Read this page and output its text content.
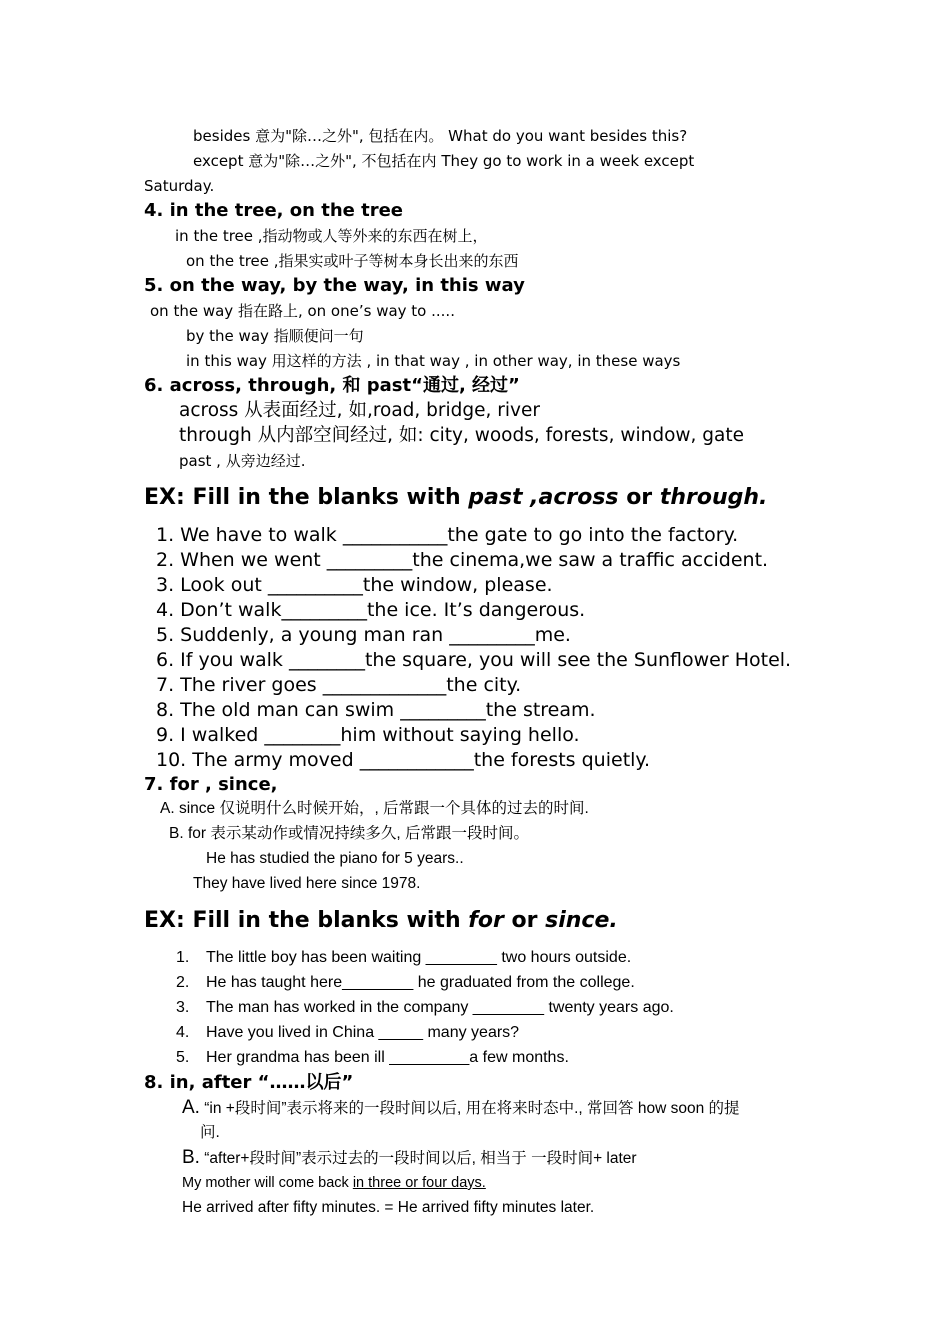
besides 意为"除…之外", 包括在内。 What do you want besides this?
except 意为"除…之外", 不包括在内 They go to work in a week except
Saturday.
4. in the tree, on the tree
in the tree ,指动物或人等外来的东西在树上，
on the tree ,指果实或叶子等树本身长出来的东西
5. on the way, by the way, in this way
on the way 指在路上, on one’s way to .....
by the way 指顺便问一句
in this way 用这样的方法 , in that way , in other way, in these ways
6. across, through, 和 past“通过, 经过”
across 从表面经过, 如,road, bridge, river
through 从内部空间经过, 如: city, woods, forests, window, gate
past , 从旁边经过.
EX: Fill in the blanks with past ,across or through.
1. We have to walk ___________the gate to go into the factory.
2. When we went _________the cinema,we saw a traffic accident.
3. Look out __________the window, please.
4. Don’t walk_________the ice. It’s dangerous.
5. Suddenly, a young man ran _________me.
6. If you walk ________the square, you will see the Sunflower Hotel.
7. The river goes _____________the city.
8. The old man can swim _________the stream.
9. I walked ________him without saying hello.
10. The army moved ____________the forests quietly.
7. for , since,
A. since 仅说明什么时候开始，, 后常跟一个具体的过去的时间.
B. for 表示某动作或情况持续多久, 后常跟一段时间。
He has studied the piano for 5 years..
They have lived here since 1978.
EX: Fill in the blanks with for or since.
1. The little boy has been waiting ________ two hours outside.
2. He has taught here________ he graduated from the college.
3. The man has worked in the company ________ twenty years ago.
4. Have you lived in China _____ many years?
5. Her grandma has been ill _________a few months.
8. in, after “……以后”
A. “in +段时间”表示将来的一段时间以后, 用在将来时态中., 常回答 how soon 的提
问.
B. “after+段时间”表示过去的一段时间以后, 相当于 一段时间+ later
My mother will come back in three or four days.
He arrived after fifty minutes. = He arrived fifty minutes later.
